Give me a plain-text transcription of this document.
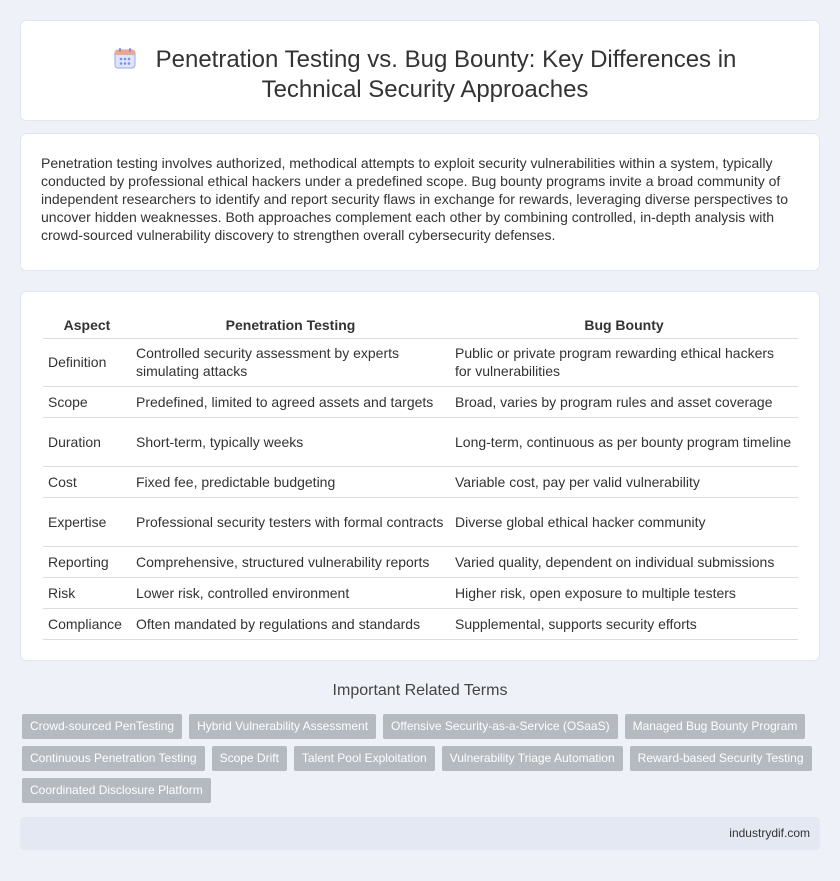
Penetration Testing vs. Bug Bounty: Key Differences in Technical Security Approaches

Penetration testing involves authorized, methodical attempts to exploit security vulnerabilities within a system, typically conducted by professional ethical hackers under a predefined scope. Bug bounty programs invite a broad community of independent researchers to identify and report security flaws in exchange for rewards, leveraging diverse perspectives to uncover hidden weaknesses. Both approaches complement each other by combining controlled, in-depth analysis with crowd-sourced vulnerability discovery to strengthen overall cybersecurity defenses.

Aspect	Penetration Testing	Bug Bounty
Definition	Controlled security assessment by experts simulating attacks	Public or private program rewarding ethical hackers for vulnerabilities
Scope	Predefined, limited to agreed assets and targets	Broad, varies by program rules and asset coverage
Duration	Short-term, typically weeks	Long-term, continuous as per bounty program timeline
Cost	Fixed fee, predictable budgeting	Variable cost, pay per valid vulnerability
Expertise	Professional security testers with formal contracts	Diverse global ethical hacker community
Reporting	Comprehensive, structured vulnerability reports	Varied quality, dependent on individual submissions
Risk	Lower risk, controlled environment	Higher risk, open exposure to multiple testers
Compliance	Often mandated by regulations and standards	Supplemental, supports security efforts
Important Related Terms
Crowd-sourced PenTesting	Hybrid Vulnerability Assessment	Offensive Security-as-a-Service (OSaaS)	Managed Bug Bounty Program
Continuous Penetration Testing	Scope Drift	Talent Pool Exploitation	Vulnerability Triage Automation	Reward-based Security Testing
Coordinated Disclosure Platform
industrydif.com
